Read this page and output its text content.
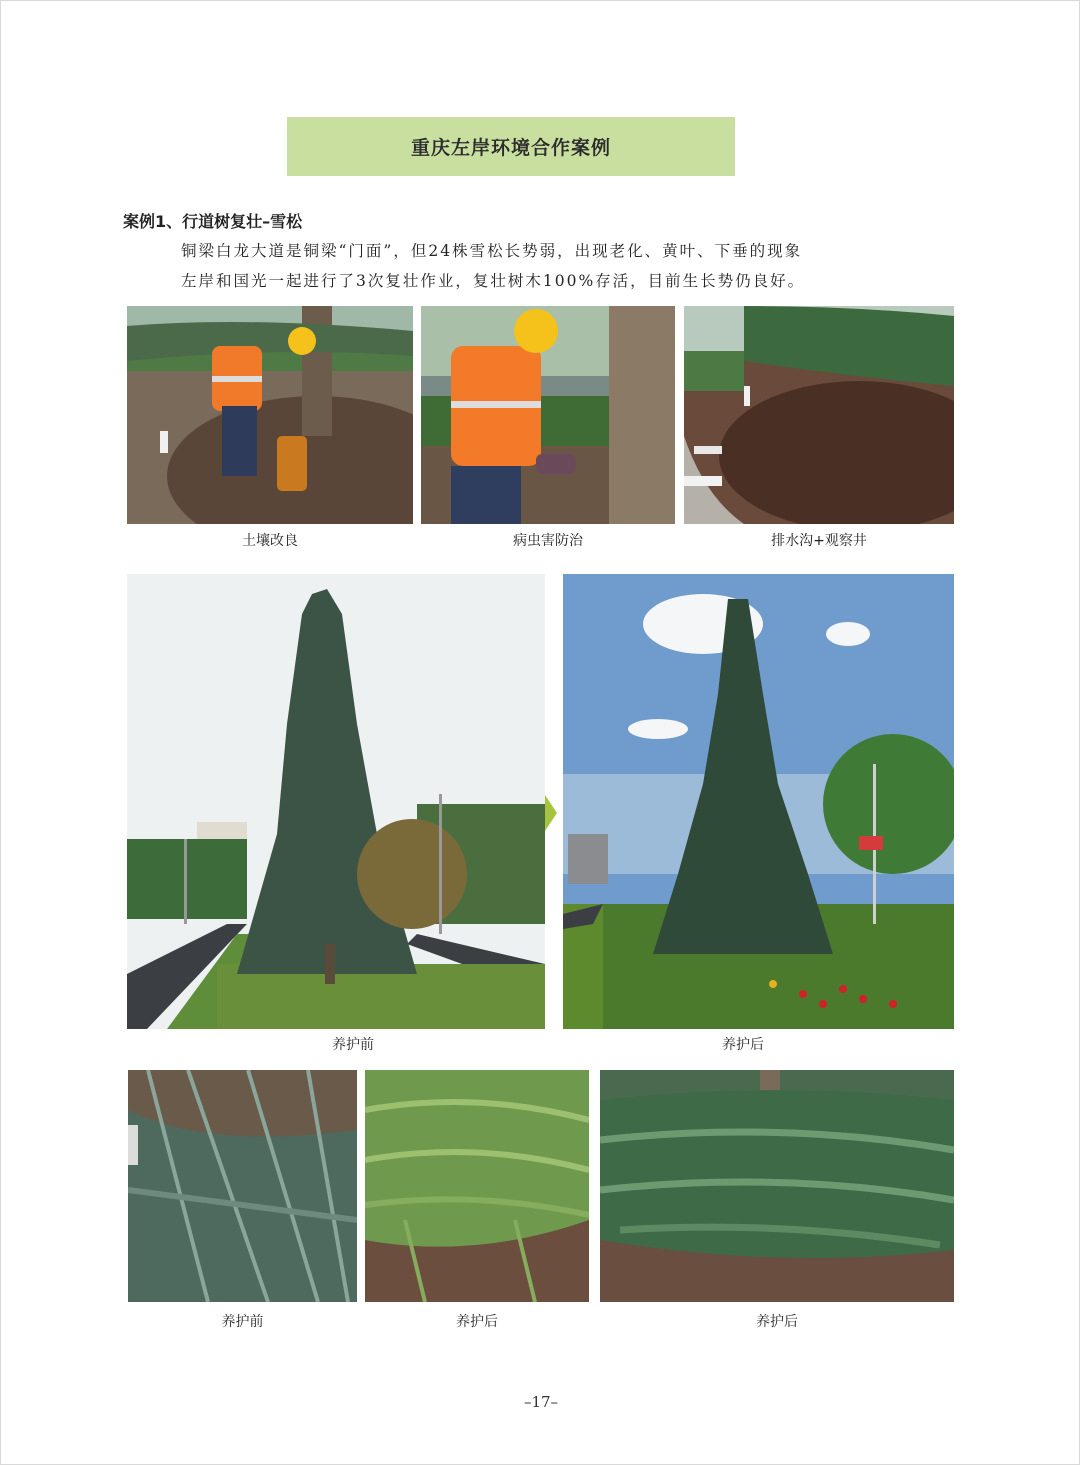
重庆左岸环境合作案例
案例1、行道树复壮–雪松
铜梁白龙大道是铜梁“门面”，但24株雪松长势弱，出现老化、黄叶、下垂的现象
左岸和国光一起进行了3次复壮作业，复壮树木100%存活，目前生长势仍良好。
土壤改良	病虫害防治	排水沟+观察井
养护前	养护后
养护前	养护后	养护后
–17–
